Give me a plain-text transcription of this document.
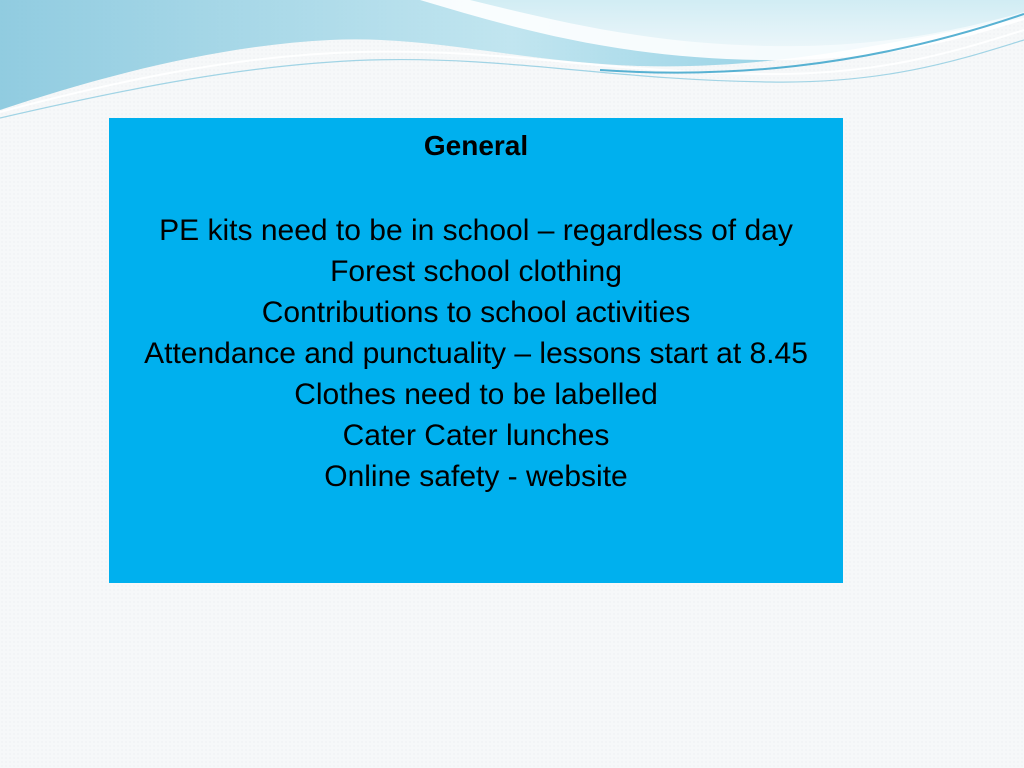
General
PE kits need to be in school – regardless of day
Forest school clothing
Contributions to school activities
Attendance and punctuality – lessons start at 8.45
Clothes need to be labelled
Cater Cater lunches
Online safety - website
